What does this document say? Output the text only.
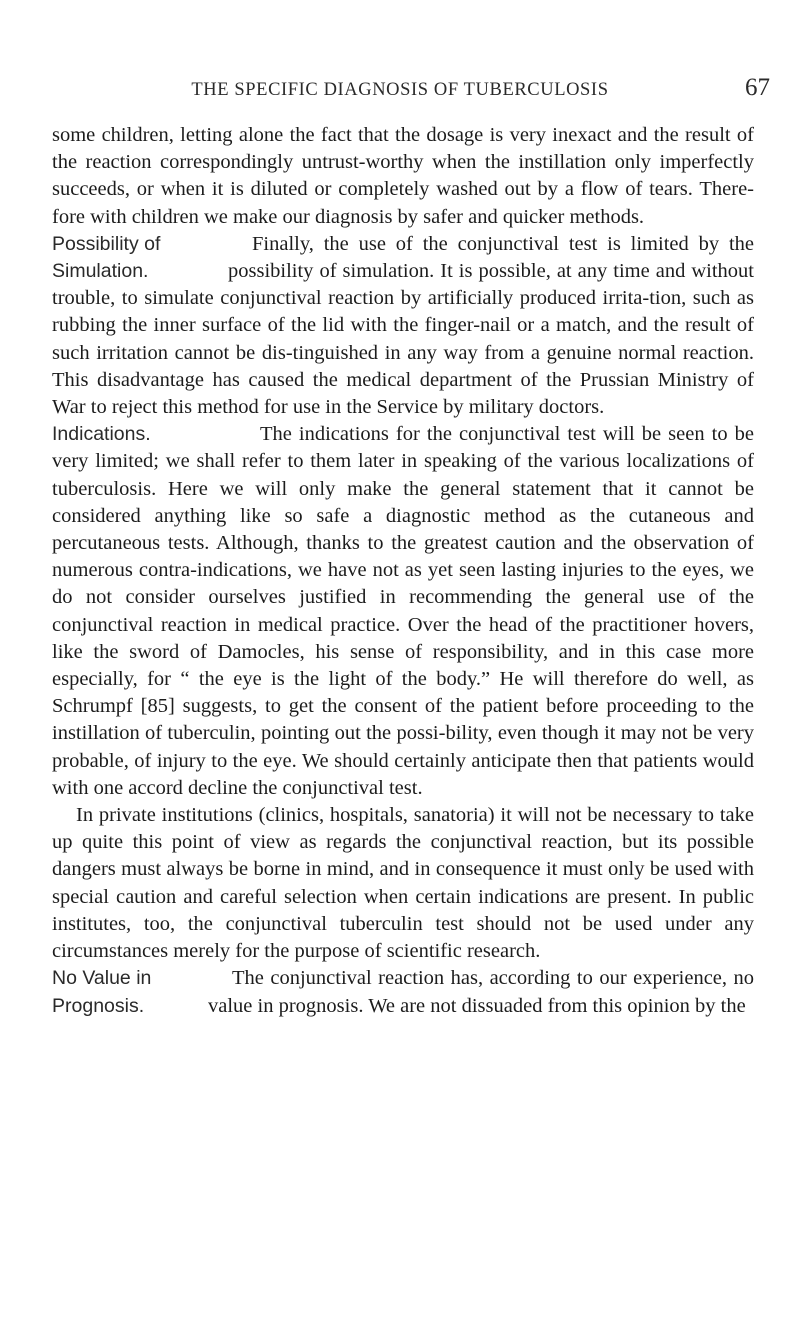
THE SPECIFIC DIAGNOSIS OF TUBERCULOSIS	67

some children, letting alone the fact that the dosage is very inexact and the result of the reaction correspondingly untrust-worthy when the instillation only imperfectly succeeds, or when it is diluted or completely washed out by a flow of tears. There-fore with children we make our diagnosis by safer and quicker methods.

Possibility of
Simulation.
Finally, the use of the conjunctival test is limited by the possibility of simulation. It is possible, at any time and without trouble, to simulate conjunctival reaction by artificially produced irrita-tion, such as rubbing the inner surface of the lid with the finger-nail or a match, and the result of such irritation cannot be dis-tinguished in any way from a genuine normal reaction. This disadvantage has caused the medical department of the Prussian Ministry of War to reject this method for use in the Service by military doctors.

Indications.	The indications for the conjunctival test will be seen to be very limited; we shall refer to them later in speaking of the various localizations of tuberculosis. Here we will only make the general statement that it cannot be considered anything like so safe a diagnostic method as the cutaneous and percutaneous tests. Although, thanks to the greatest caution and the observation of numerous contra-indications, we have not as yet seen lasting injuries to the eyes, we do not consider ourselves justified in recommending the general use of the conjunctival reaction in medical practice. Over the head of the practitioner hovers, like the sword of Damocles, his sense of responsibility, and in this case more especially, for “ the eye is the light of the body.” He will therefore do well, as Schrumpf [85] suggests, to get the consent of the patient before proceeding to the instillation of tuberculin, pointing out the possi-bility, even though it may not be very probable, of injury to the eye. We should certainly anticipate then that patients would with one accord decline the conjunctival test.

In private institutions (clinics, hospitals, sanatoria) it will not be necessary to take up quite this point of view as regards the conjunctival reaction, but its possible dangers must always be borne in mind, and in consequence it must only be used with special caution and careful selection when certain indications are present. In public institutes, too, the conjunctival tuberculin test should not be used under any circumstances merely for the purpose of scientific research.

No Value in
Prognosis.
The conjunctival reaction has, according to our experience, no value in prognosis. We are not dissuaded from this opinion by the
